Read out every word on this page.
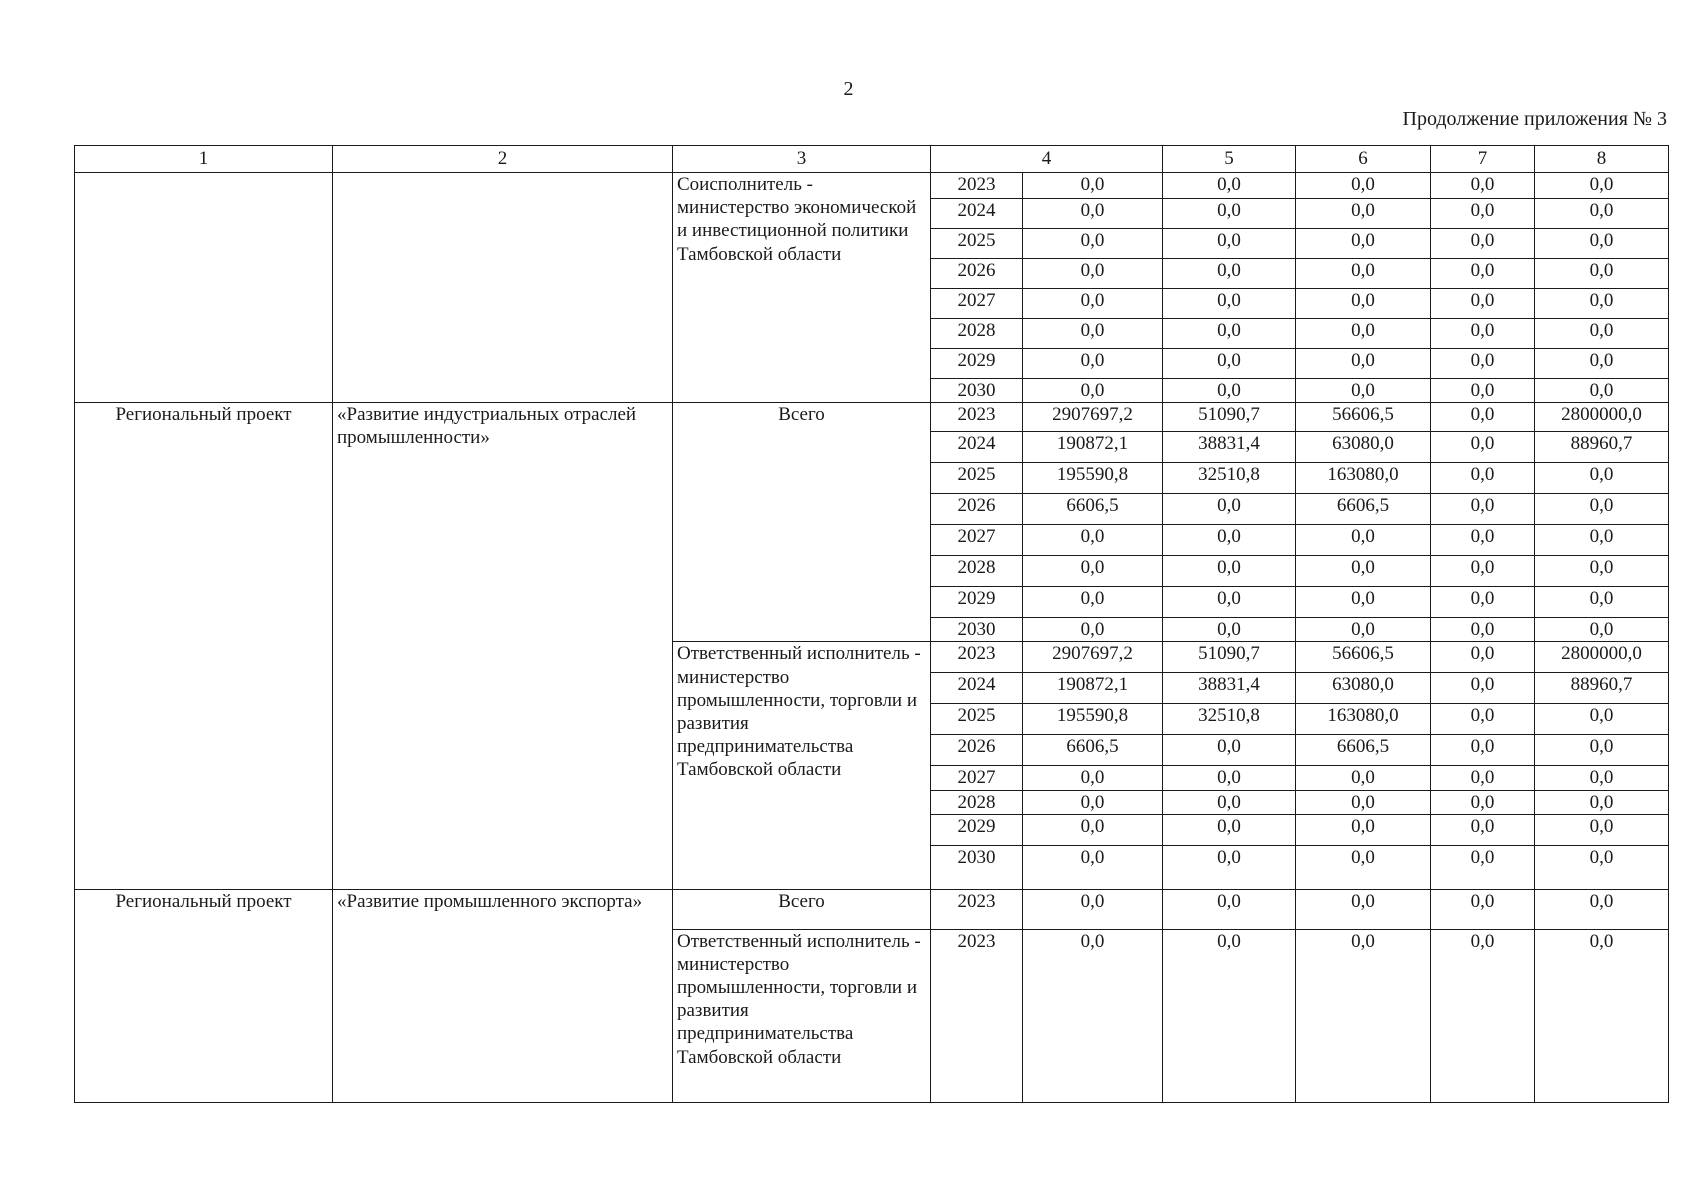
2
Продолжение приложения № 3
1	2	3	4		5	6	7	8
		Соисполнитель - министерство экономической и инвестиционной политики Тамбовской области	2023	0,0	0,0	0,0	0,0	0,0
			2024	0,0	0,0	0,0	0,0	0,0
			2025	0,0	0,0	0,0	0,0	0,0
			2026	0,0	0,0	0,0	0,0	0,0
			2027	0,0	0,0	0,0	0,0	0,0
			2028	0,0	0,0	0,0	0,0	0,0
			2029	0,0	0,0	0,0	0,0	0,0
			2030	0,0	0,0	0,0	0,0	0,0
Региональный проект	«Развитие индустриальных отраслей промышленности»	Всего	2023	2907697,2	51090,7	56606,5	0,0	2800000,0
			2024	190872,1	38831,4	63080,0	0,0	88960,7
			2025	195590,8	32510,8	163080,0	0,0	0,0
			2026	6606,5	0,0	6606,5	0,0	0,0
			2027	0,0	0,0	0,0	0,0	0,0
			2028	0,0	0,0	0,0	0,0	0,0
			2029	0,0	0,0	0,0	0,0	0,0
			2030	0,0	0,0	0,0	0,0	0,0
		Ответственный исполнитель - министерство промышленности, торговли и развития предпринимательства Тамбовской области	2023	2907697,2	51090,7	56606,5	0,0	2800000,0
			2024	190872,1	38831,4	63080,0	0,0	88960,7
			2025	195590,8	32510,8	163080,0	0,0	0,0
			2026	6606,5	0,0	6606,5	0,0	0,0
			2027	0,0	0,0	0,0	0,0	0,0
			2028	0,0	0,0	0,0	0,0	0,0
			2029	0,0	0,0	0,0	0,0	0,0
			2030	0,0	0,0	0,0	0,0	0,0
Региональный проект	«Развитие промышленного экспорта»	Всего	2023	0,0	0,0	0,0	0,0	0,0
		Ответственный исполнитель - министерство промышленности, торговли и развития предпринимательства Тамбовской области	2023	0,0	0,0	0,0	0,0	0,0
